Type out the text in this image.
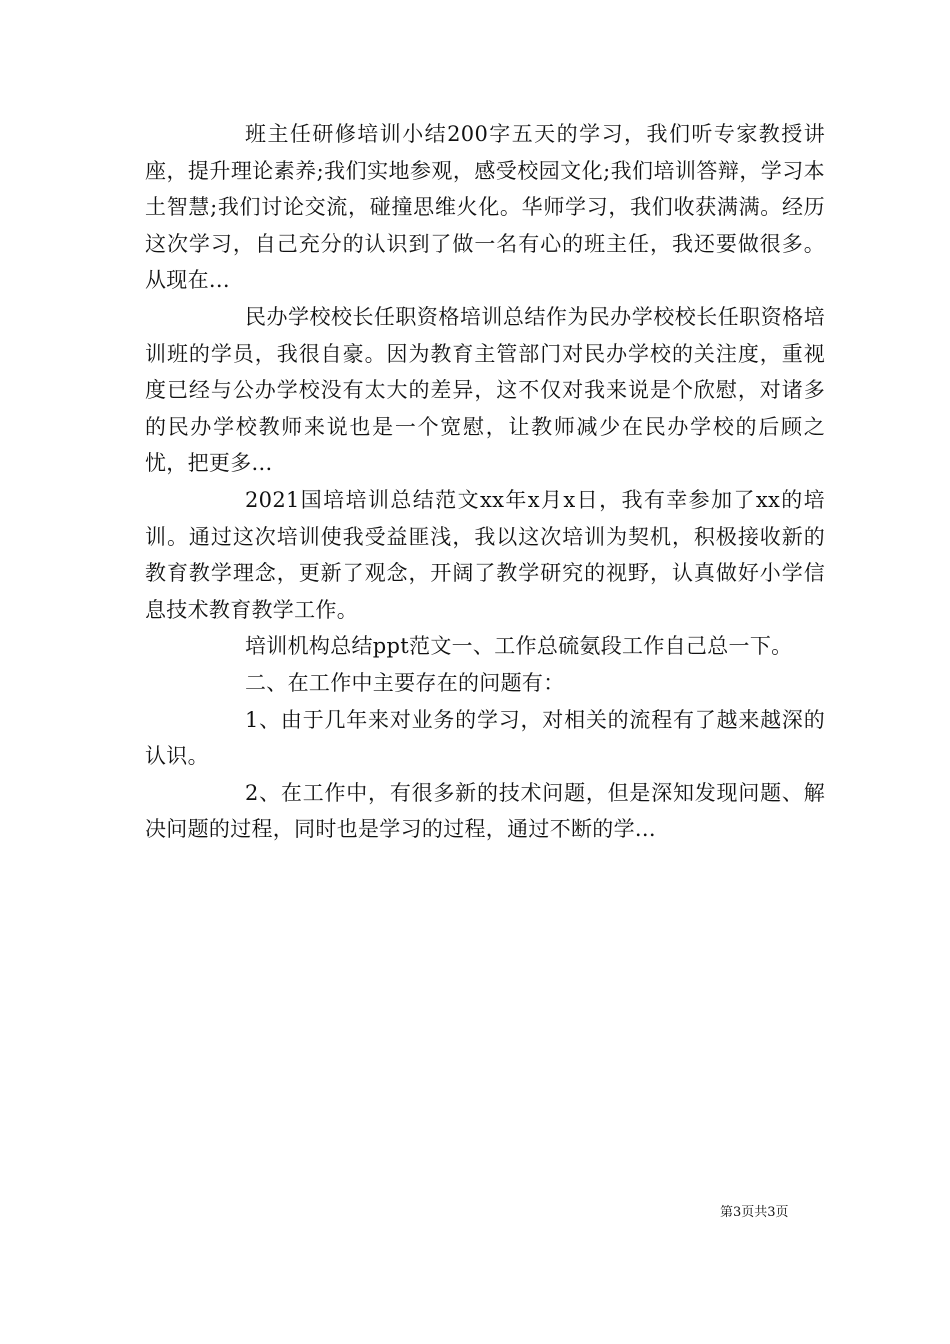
班主任研修培训小结200字五天的学习，我们听专家教授讲座，提升理论素养;我们实地参观，感受校园文化;我们培训答辩，学习本土智慧;我们讨论交流，碰撞思维火化。华师学习，我们收获满满。经历这次学习，自己充分的认识到了做一名有心的班主任，我还要做很多。从现在...

民办学校校长任职资格培训总结作为民办学校校长任职资格培训班的学员，我很自豪。因为教育主管部门对民办学校的关注度，重视度已经与公办学校没有太大的差异，这不仅对我来说是个欣慰，对诸多的民办学校教师来说也是一个宽慰，让教师减少在民办学校的后顾之忧，把更多...

2021国培培训总结范文xx年x月x日，我有幸参加了xx的培训。通过这次培训使我受益匪浅，我以这次培训为契机，积极接收新的教育教学理念，更新了观念，开阔了教学研究的视野，认真做好小学信息技术教育教学工作。

培训机构总结ppt范文一、工作总硫氨段工作自己总一下。

二、在工作中主要存在的问题有：

1、由于几年来对业务的学习，对相关的流程有了越来越深的认识。

2、在工作中，有很多新的技术问题，但是深知发现问题、解决问题的过程，同时也是学习的过程，通过不断的学...

第3页共3页
